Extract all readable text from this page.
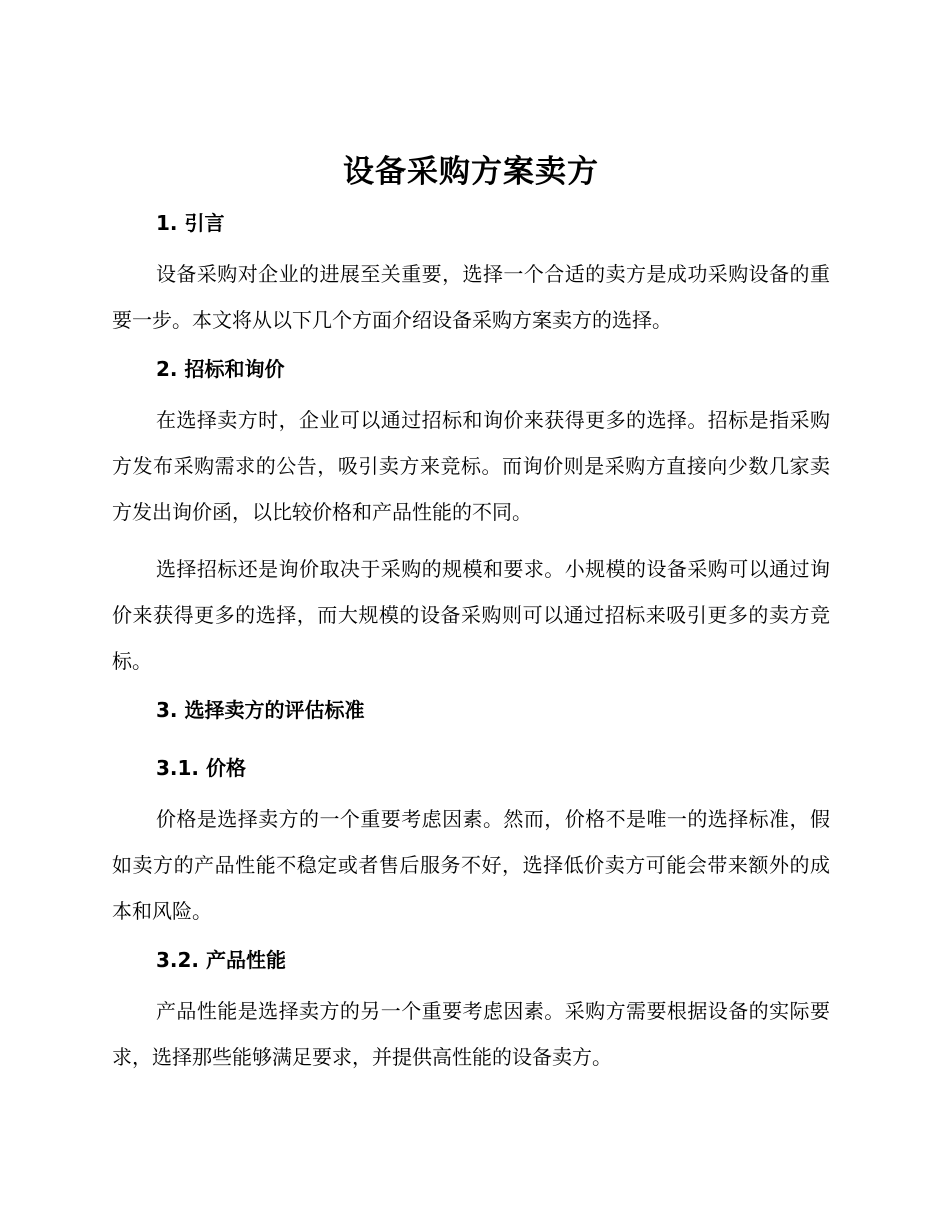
设备采购方案卖方

1. 引言

设备采购对企业的进展至关重要，选择一个合适的卖方是成功采购设备的重要一步。本文将从以下几个方面介绍设备采购方案卖方的选择。

2. 招标和询价

在选择卖方时，企业可以通过招标和询价来获得更多的选择。招标是指采购方发布采购需求的公告，吸引卖方来竞标。而询价则是采购方直接向少数几家卖方发出询价函，以比较价格和产品性能的不同。

选择招标还是询价取决于采购的规模和要求。小规模的设备采购可以通过询价来获得更多的选择，而大规模的设备采购则可以通过招标来吸引更多的卖方竞标。

3. 选择卖方的评估标准

3.1. 价格

价格是选择卖方的一个重要考虑因素。然而，价格不是唯一的选择标准，假如卖方的产品性能不稳定或者售后服务不好，选择低价卖方可能会带来额外的成本和风险。

3.2. 产品性能

产品性能是选择卖方的另一个重要考虑因素。采购方需要根据设备的实际要求，选择那些能够满足要求，并提供高性能的设备卖方。
